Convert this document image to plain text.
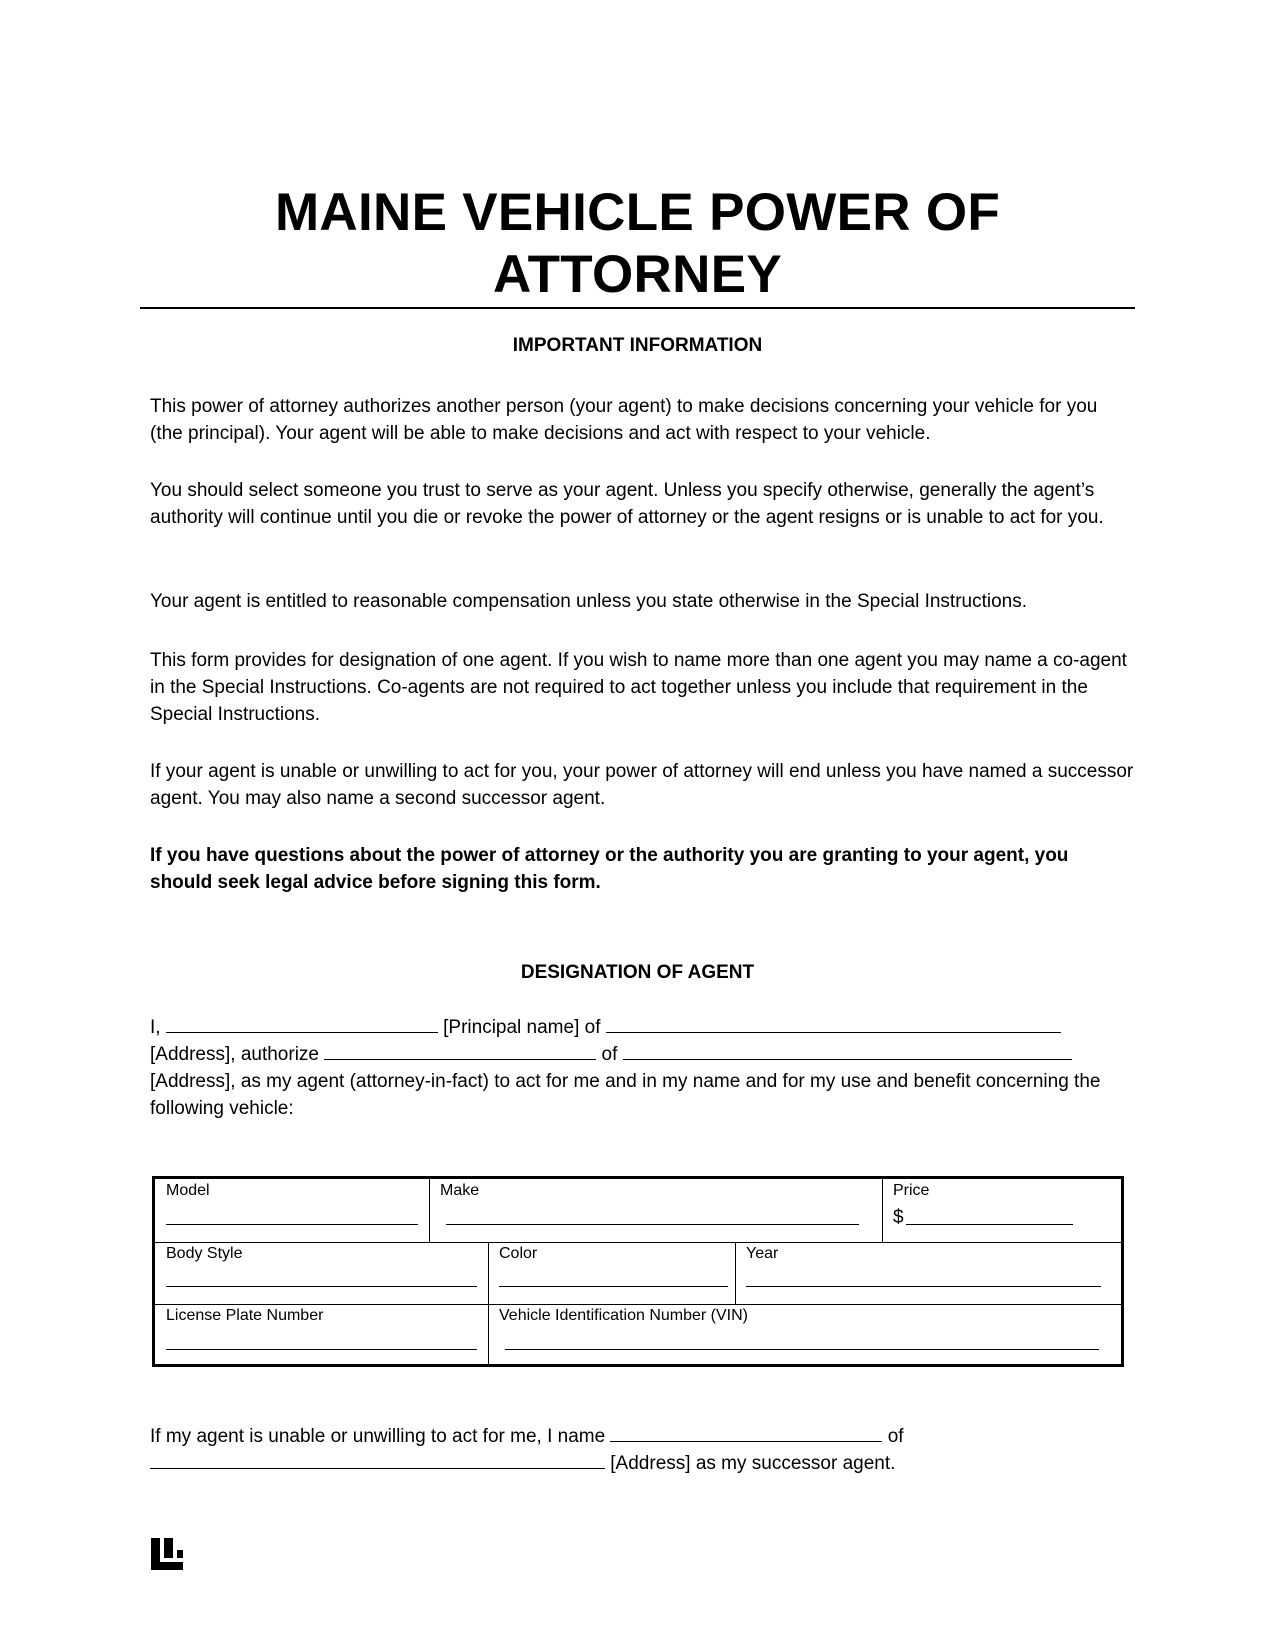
MAINE VEHICLE POWER OF
ATTORNEY
IMPORTANT INFORMATION

This power of attorney authorizes another person (your agent) to make decisions concerning your vehicle for you (the principal). Your agent will be able to make decisions and act with respect to your vehicle.

You should select someone you trust to serve as your agent. Unless you specify otherwise, generally the agent’s authority will continue until you die or revoke the power of attorney or the agent resigns or is unable to act for you.

Your agent is entitled to reasonable compensation unless you state otherwise in the Special Instructions.

This form provides for designation of one agent. If you wish to name more than one agent you may name a co-agent in the Special Instructions. Co-agents are not required to act together unless you include that requirement in the Special Instructions.

If your agent is unable or unwilling to act for you, your power of attorney will end unless you have named a successor agent. You may also name a second successor agent.

If you have questions about the power of attorney or the authority you are granting to your agent, you should seek legal advice before signing this form.

DESIGNATION OF AGENT
I,	[Principal name] of
[Address], authorize	of

[Address], as my agent (attorney-in-fact) to act for me and in my name and for my use and benefit concerning the following vehicle:

Model	Make	Price
$
Body Style	Color	Year
License Plate Number	Vehicle Identification Number (VIN)
If my agent is unable or unwilling to act for me, I name	of
[Address] as my successor agent.
